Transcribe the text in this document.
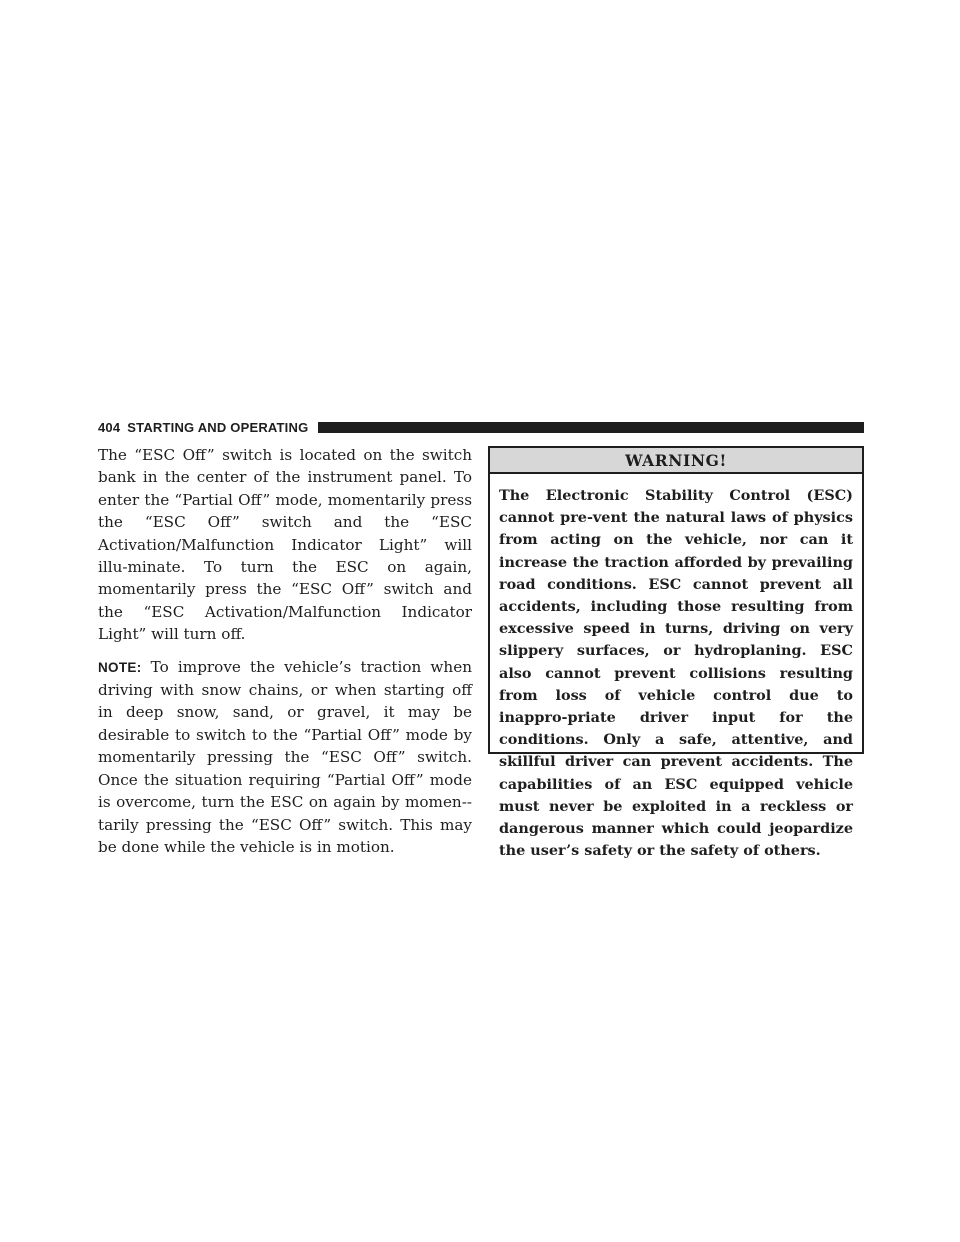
404 STARTING AND OPERATING

The “ESC Off” switch is located on the switch bank in the center of the instrument panel. To enter the “Partial Off” mode, momentarily press the “ESC Off” switch and the “ESC Activation/Malfunction Indicator Light” will illu-minate. To turn the ESC on again, momentarily press the “ESC Off” switch and the “ESC Activation/Malfunction Indicator Light” will turn off.

NOTE: To improve the vehicle’s traction when driving with snow chains, or when starting off in deep snow, sand, or gravel, it may be desirable to switch to the “Partial Off” mode by momentarily pressing the “ESC Off” switch. Once the situation requiring “Partial Off” mode is overcome, turn the ESC on again by momen-tarily pressing the “ESC Off” switch. This may be done while the vehicle is in motion.

WARNING!
The Electronic Stability Control (ESC) cannot pre-vent the natural laws of physics from acting on the vehicle, nor can it increase the traction afforded by prevailing road conditions. ESC cannot prevent all accidents, including those resulting from excessive speed in turns, driving on very slippery surfaces, or hydroplaning. ESC also cannot prevent collisions resulting from loss of vehicle control due to inappro-priate driver input for the conditions. Only a safe, attentive, and skillful driver can prevent accidents. The capabilities of an ESC equipped vehicle must never be exploited in a reckless or dangerous manner which could jeopardize the user’s safety or the safety of others.
